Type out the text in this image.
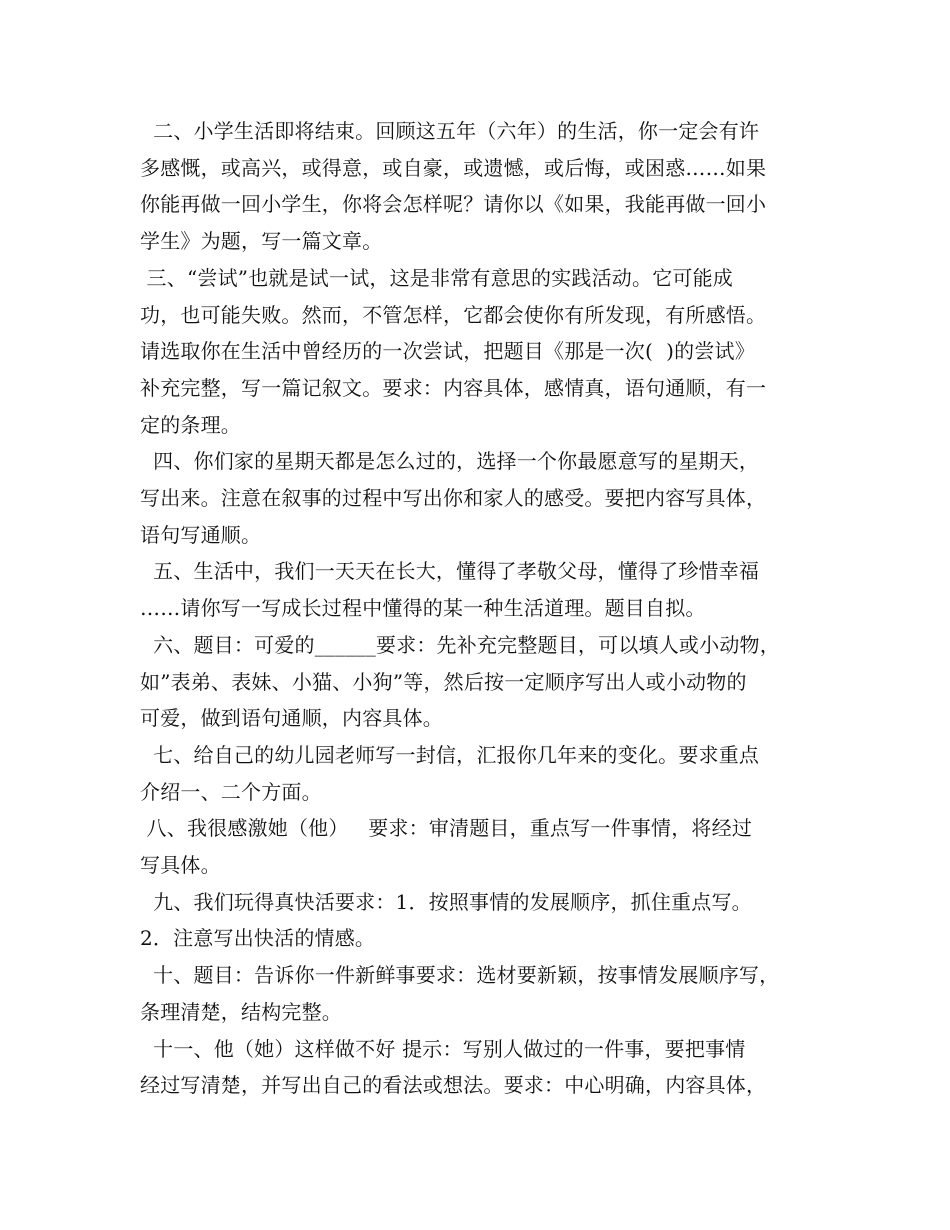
二、小学生活即将结束。回顾这五年（六年）的生活，你一定会有许
多感慨，或高兴，或得意，或自豪，或遗憾，或后悔，或困惑……如果
你能再做一回小学生，你将会怎样呢？请你以《如果，我能再做一回小
学生》为题，写一篇文章。

三、“尝试”也就是试一试，这是非常有意思的实践活动。它可能成
功，也可能失败。然而，不管怎样，它都会使你有所发现，有所感悟。
请选取你在生活中曾经历的一次尝试，把题目《那是一次(  )的尝试》
补充完整，写一篇记叙文。要求：内容具体，感情真，语句通顺，有一
定的条理。

四、你们家的星期天都是怎么过的，选择一个你最愿意写的星期天，
写出来。注意在叙事的过程中写出你和家人的感受。要把内容写具体，
语句写通顺。

五、生活中，我们一天天在长大，懂得了孝敬父母，懂得了珍惜幸福
……请你写一写成长过程中懂得的某一种生活道理。题目自拟。

六、题目：可爱的______要求：先补充完整题目，可以填人或小动物，
如”表弟、表妹、小猫、小狗”等，然后按一定顺序写出人或小动物的
可爱，做到语句通顺，内容具体。

七、给自己的幼儿园老师写一封信，汇报你几年来的变化。要求重点
介绍一、二个方面。

八、我很感激她（他）   要求：审清题目，重点写一件事情，将经过
写具体。

九、我们玩得真快活要求：1．按照事情的发展顺序，抓住重点写。
2．注意写出快活的情感。

十、题目：告诉你一件新鲜事要求：选材要新颖，按事情发展顺序写，
条理清楚，结构完整。

十一、他（她）这样做不好 提示：写别人做过的一件事，要把事情
经过写清楚，并写出自己的看法或想法。要求：中心明确，内容具体，
